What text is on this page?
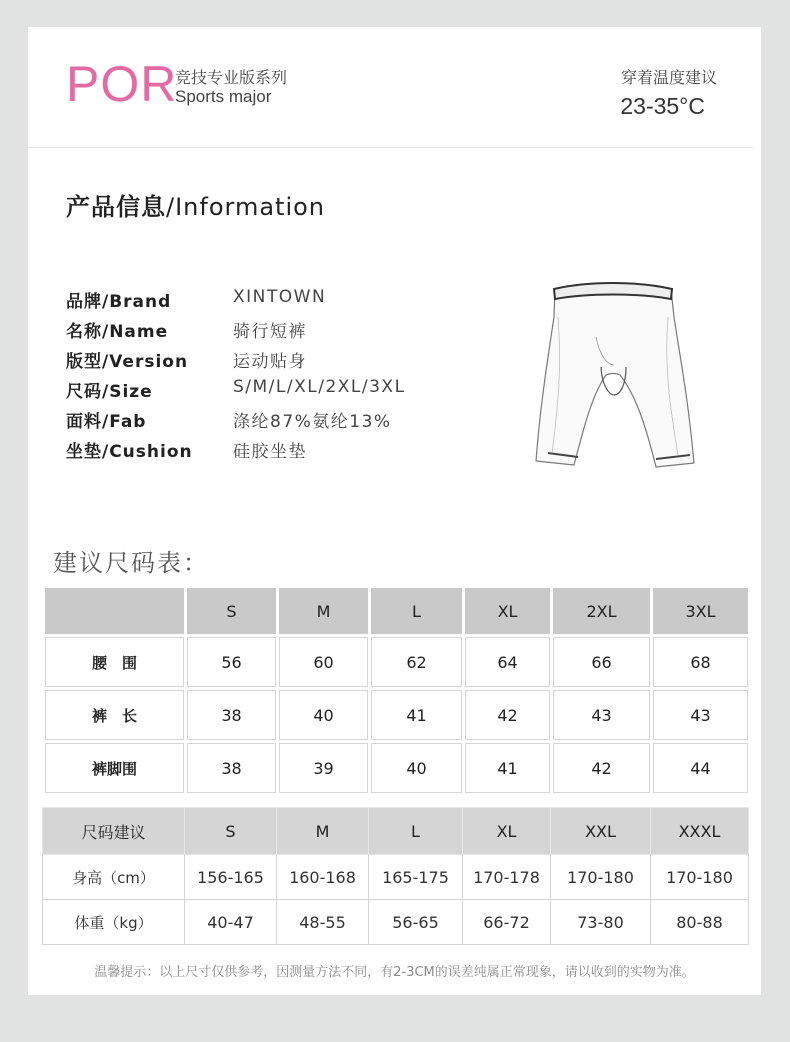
POR
竞技专业版系列
Sports major
穿着温度建议
23-35°C
产品信息/Information
品牌/Brand	XINTOWN
名称/Name	骑行短裤
版型/Version	运动贴身
尺码/Size	S/M/L/XL/2XL/3XL
面料/Fab	涤纶87%氨纶13%
坐垫/Cushion 硅胶坐垫
建议尺码表：
	S	M	L	XL	2XL	3XL
腰　围	56	60	62	64	66	68
裤　长	38	40	41	42	43	43
裤脚围	38	39	40	41	42	44
尺码建议	S	M	L	XL	XXL	XXXL
身高（cm）	156-165	160-168	165-175	170-178	170-180	170-180
体重（kg）	40-47	48-55	56-65	66-72	73-80	80-88
温馨提示：以上尺寸仅供参考，因测量方法不同，有2-3CM的误差纯属正常现象，请以收到的实物为准。
